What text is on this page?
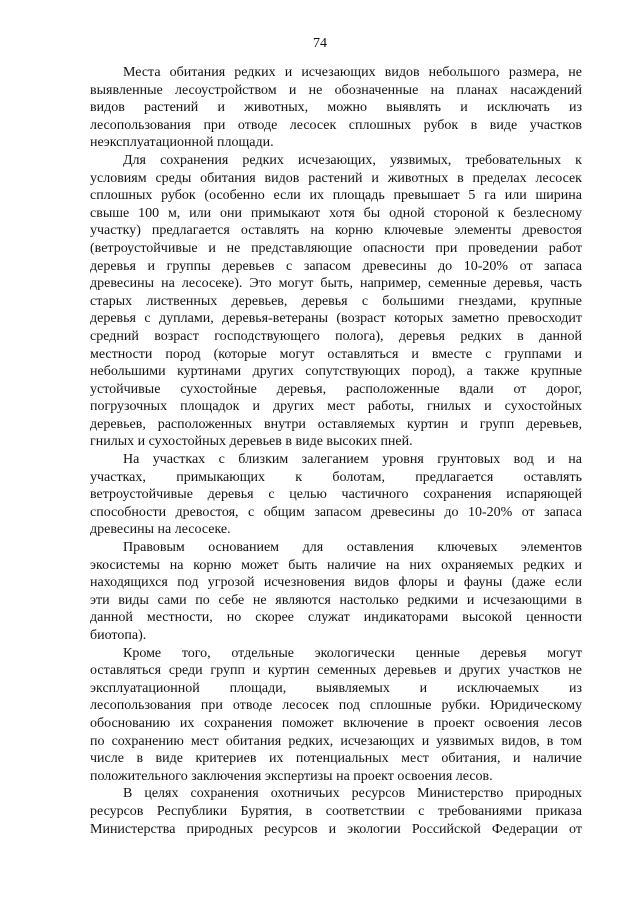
74
Места обитания редких и исчезающих видов небольшого размера, не
выявленные лесоустройством и не обозначенные на планах насаждений
видов растений и животных, можно выявлять и исключать из
лесопользования при отводе лесосек сплошных рубок в виде участков
неэксплуатационной площади.
Для сохранения редких исчезающих, уязвимых, требовательных к
условиям среды обитания видов растений и животных в пределах лесосек
сплошных рубок (особенно если их площадь превышает 5 га или ширина
свыше 100 м, или они примыкают хотя бы одной стороной к безлесному
участку) предлагается оставлять на корню ключевые элементы древостоя
(ветроустойчивые и не представляющие опасности при проведении работ
деревья и группы деревьев с запасом древесины до 10-20% от запаса
древесины на лесосеке). Это могут быть, например, семенные деревья, часть
старых лиственных деревьев, деревья с большими гнездами, крупные
деревья с дуплами, деревья-ветераны (возраст которых заметно превосходит
средний возраст господствующего полога), деревья редких в данной
местности пород (которые могут оставляться и вместе с группами и
небольшими куртинами других сопутствующих пород), а также крупные
устойчивые сухостойные деревья, расположенные вдали от дорог,
погрузочных площадок и других мест работы, гнилых и сухостойных
деревьев, расположенных внутри оставляемых куртин и групп деревьев,
гнилых и сухостойных деревьев в виде высоких пней.
На участках с близким залеганием уровня грунтовых вод и на
участках, примыкающих к болотам, предлагается оставлять
ветроустойчивые деревья с целью частичного сохранения испаряющей
способности древостоя, с общим запасом древесины до 10-20% от запаса
древесины на лесосеке.
Правовым основанием для оставления ключевых элементов
экосистемы на корню может быть наличие на них охраняемых редких и
находящихся под угрозой исчезновения видов флоры и фауны (даже если
эти виды сами по себе не являются настолько редкими и исчезающими в
данной местности, но скорее служат индикаторами высокой ценности
биотопа).
Кроме того, отдельные экологически ценные деревья могут
оставляться среди групп и куртин семенных деревьев и других участков не
эксплуатационной площади, выявляемых и исключаемых из
лесопользования при отводе лесосек под сплошные рубки. Юридическому
обоснованию их сохранения поможет включение в проект освоения лесов
по сохранению мест обитания редких, исчезающих и уязвимых видов, в том
числе в виде критериев их потенциальных мест обитания, и наличие
положительного заключения экспертизы на проект освоения лесов.
В целях сохранения охотничьих ресурсов Министерство природных
ресурсов Республики Бурятия, в соответствии с требованиями приказа
Министерства природных ресурсов и экологии Российской Федерации от
